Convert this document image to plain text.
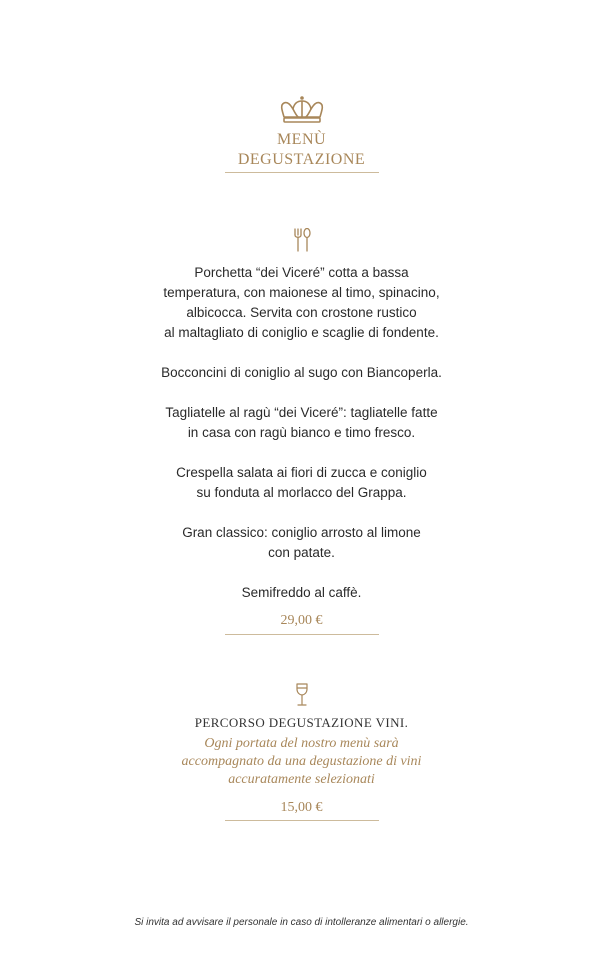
MENÙ
DEGUSTAZIONE
Porchetta “dei Viceré” cotta a bassa
temperatura, con maionese al timo, spinacino,
albicocca. Servita con crostone rustico
al maltagliato di coniglio e scaglie di fondente.
Bocconcini di coniglio al sugo con Biancoperla.
Tagliatelle al ragù “dei Viceré”: tagliatelle fatte
in casa con ragù bianco e timo fresco.
Crespella salata ai fiori di zucca e coniglio
su fonduta al morlacco del Grappa.
Gran classico: coniglio arrosto al limone
con patate.
Semifreddo al caffè.
29,00 €
PERCORSO DEGUSTAZIONE VINI.
Ogni portata del nostro menù sarà
accompagnato da una degustazione di vini
accuratamente selezionati
15,00 €
Si invita ad avvisare il personale in caso di intolleranze alimentari o allergie.
